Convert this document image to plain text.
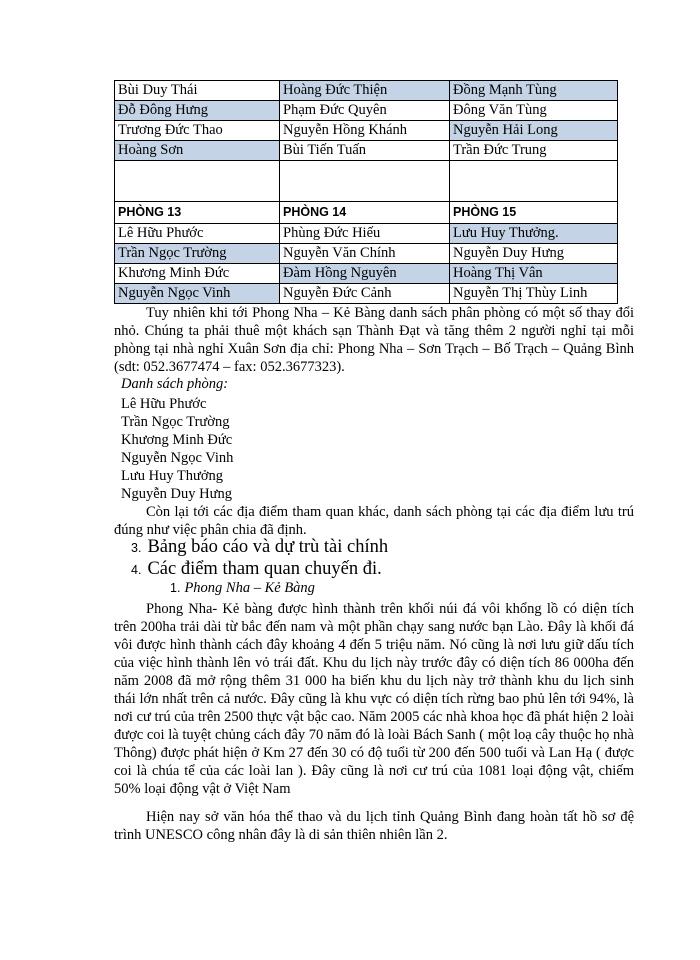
Bùi Duy Thái	Hoàng Đức Thiện	Đồng Mạnh Tùng
Đỗ Đông Hưng	Phạm Đức Quyên	Đông Văn Tùng
Trương Đức Thao	Nguyễn Hồng Khánh	Nguyễn Hải Long
Hoàng Sơn	Bùi Tiến Tuấn	Trần Đức Trung

PHÒNG 13	PHÒNG 14	PHÒNG 15
Lê Hữu Phước	Phùng Đức Hiếu	Lưu Huy Thưởng.
Trần Ngọc Trường	Nguyễn Văn Chính	Nguyễn Duy Hưng
Khương Minh Đức	Đàm Hồng Nguyên	Hoàng Thị Vân
Nguyễn Ngọc Vinh	Nguyễn Đức Cảnh	Nguyễn Thị Thùy Linh

Tuy nhiên khi tới Phong Nha – Kẻ Bàng danh sách phân phòng có một số thay đổi nhỏ. Chúng ta phải thuê một khách sạn Thành Đạt và tăng thêm 2 người nghỉ tại mỗi phòng tại nhà nghỉ Xuân Sơn địa chỉ: Phong Nha – Sơn Trạch – Bố Trạch – Quảng Bình (sdt: 052.3677474 – fax: 052.3677323).

Danh sách phòng:
Lê Hữu Phước
Trần Ngọc Trường
Khương Minh Đức
Nguyễn Ngọc Vinh
Lưu Huy Thưởng
Nguyễn Duy Hưng

Còn lại tới các địa điểm tham quan khác, danh sách phòng tại các địa điểm lưu trú đúng như việc phân chia đã định.

3. Bảng báo cáo và dự trù tài chính
4. Các điểm tham quan chuyến đi.
1. Phong Nha – Kẻ Bàng

Phong Nha- Kẻ bàng được hình thành trên khối núi đá vôi khổng lồ có diện tích trên 200ha trải dài từ bắc đến nam và một phần chạy sang nước bạn Lào. Đây là khối đá vôi được hình thành cách đây khoảng 4 đến 5 triệu năm. Nó cũng là nơi lưu giữ dấu tích của việc hình thành lên vỏ trái đất. Khu du lịch này trước đây có diện tích 86 000ha đến năm 2008 đã mở rộng thêm 31 000 ha biến khu du lịch này trở thành khu du lịch sinh thái lớn nhất trên cả nước. Đây cũng là khu vực có diện tích rừng bao phủ lên tới 94%, là nơi cư trú của trên 2500 thực vật bậc cao. Năm 2005 các nhà khoa học đã phát hiện 2 loài được coi là tuyệt chủng cách đây 70 năm đó là loài Bách Sanh ( một loạ cây thuộc họ nhà Thông) được phát hiện ở Km 27 đến 30 có độ tuổi từ 200 đến 500 tuổi và Lan Hạ ( được coi là chúa tể của các loài lan ). Đây cũng là nơi cư trú của 1081 loại động vật, chiếm 50% loại động vật ở Việt Nam

Hiện nay sở văn hóa thể thao và du lịch tỉnh Quảng Bình đang hoàn tất hồ sơ đệ trình UNESCO công nhân đây là di sản thiên nhiên lần 2.
